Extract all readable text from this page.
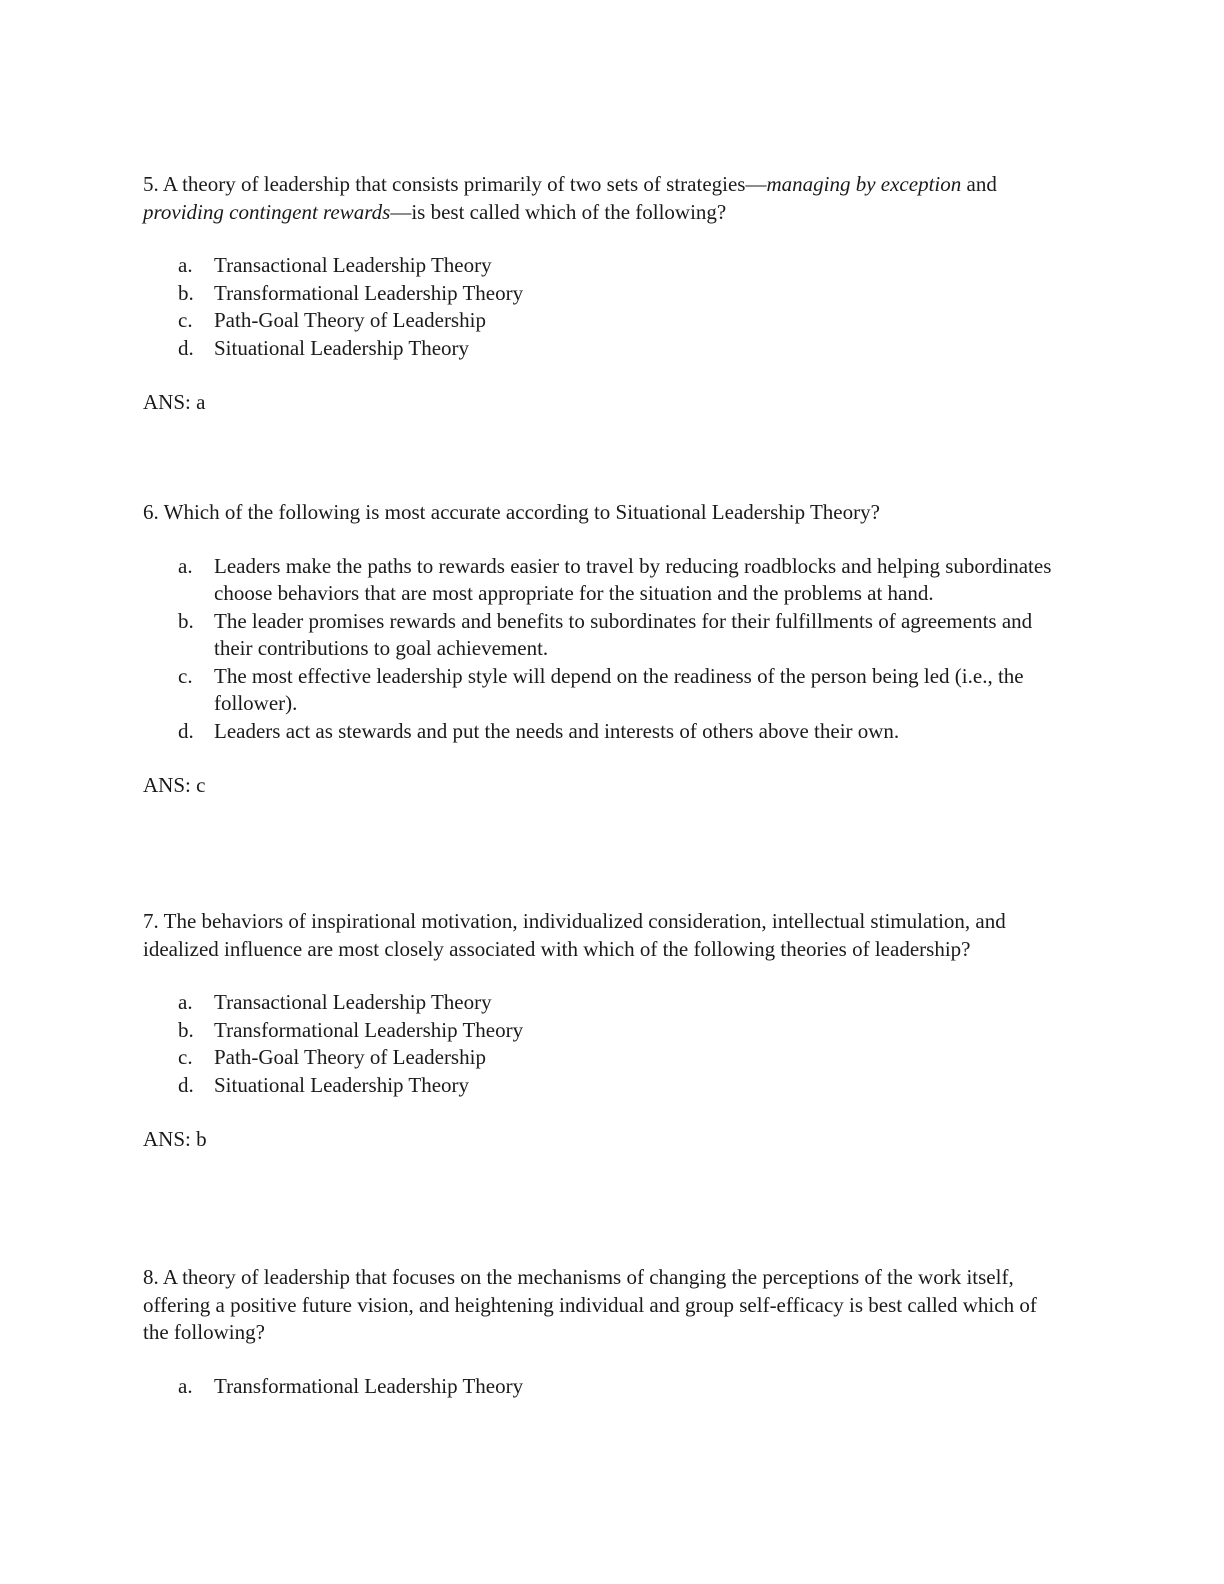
5. A theory of leadership that consists primarily of two sets of strategies—managing by exception and providing contingent rewards—is best called which of the following?

a.	Transactional Leadership Theory
b. Transformational Leadership Theory
c.	Path-Goal Theory of Leadership
d. Situational Leadership Theory

ANS: a

6. Which of the following is most accurate according to Situational Leadership Theory?

a.	Leaders make the paths to rewards easier to travel by reducing roadblocks and helping subordinates choose behaviors that are most appropriate for the situation and the problems at hand.
b. The leader promises rewards and benefits to subordinates for their fulfillments of agreements and their contributions to goal achievement.
c.	The most effective leadership style will depend on the readiness of the person being led (i.e., the follower).
d. Leaders act as stewards and put the needs and interests of others above their own.

ANS: c

7. The behaviors of inspirational motivation, individualized consideration, intellectual stimulation, and idealized influence are most closely associated with which of the following theories of leadership?

a.	Transactional Leadership Theory
b. Transformational Leadership Theory
c.	Path-Goal Theory of Leadership
d. Situational Leadership Theory

ANS: b

8. A theory of leadership that focuses on the mechanisms of changing the perceptions of the work itself, offering a positive future vision, and heightening individual and group self-efficacy is best called which of the following?

a.	Transformational Leadership Theory
